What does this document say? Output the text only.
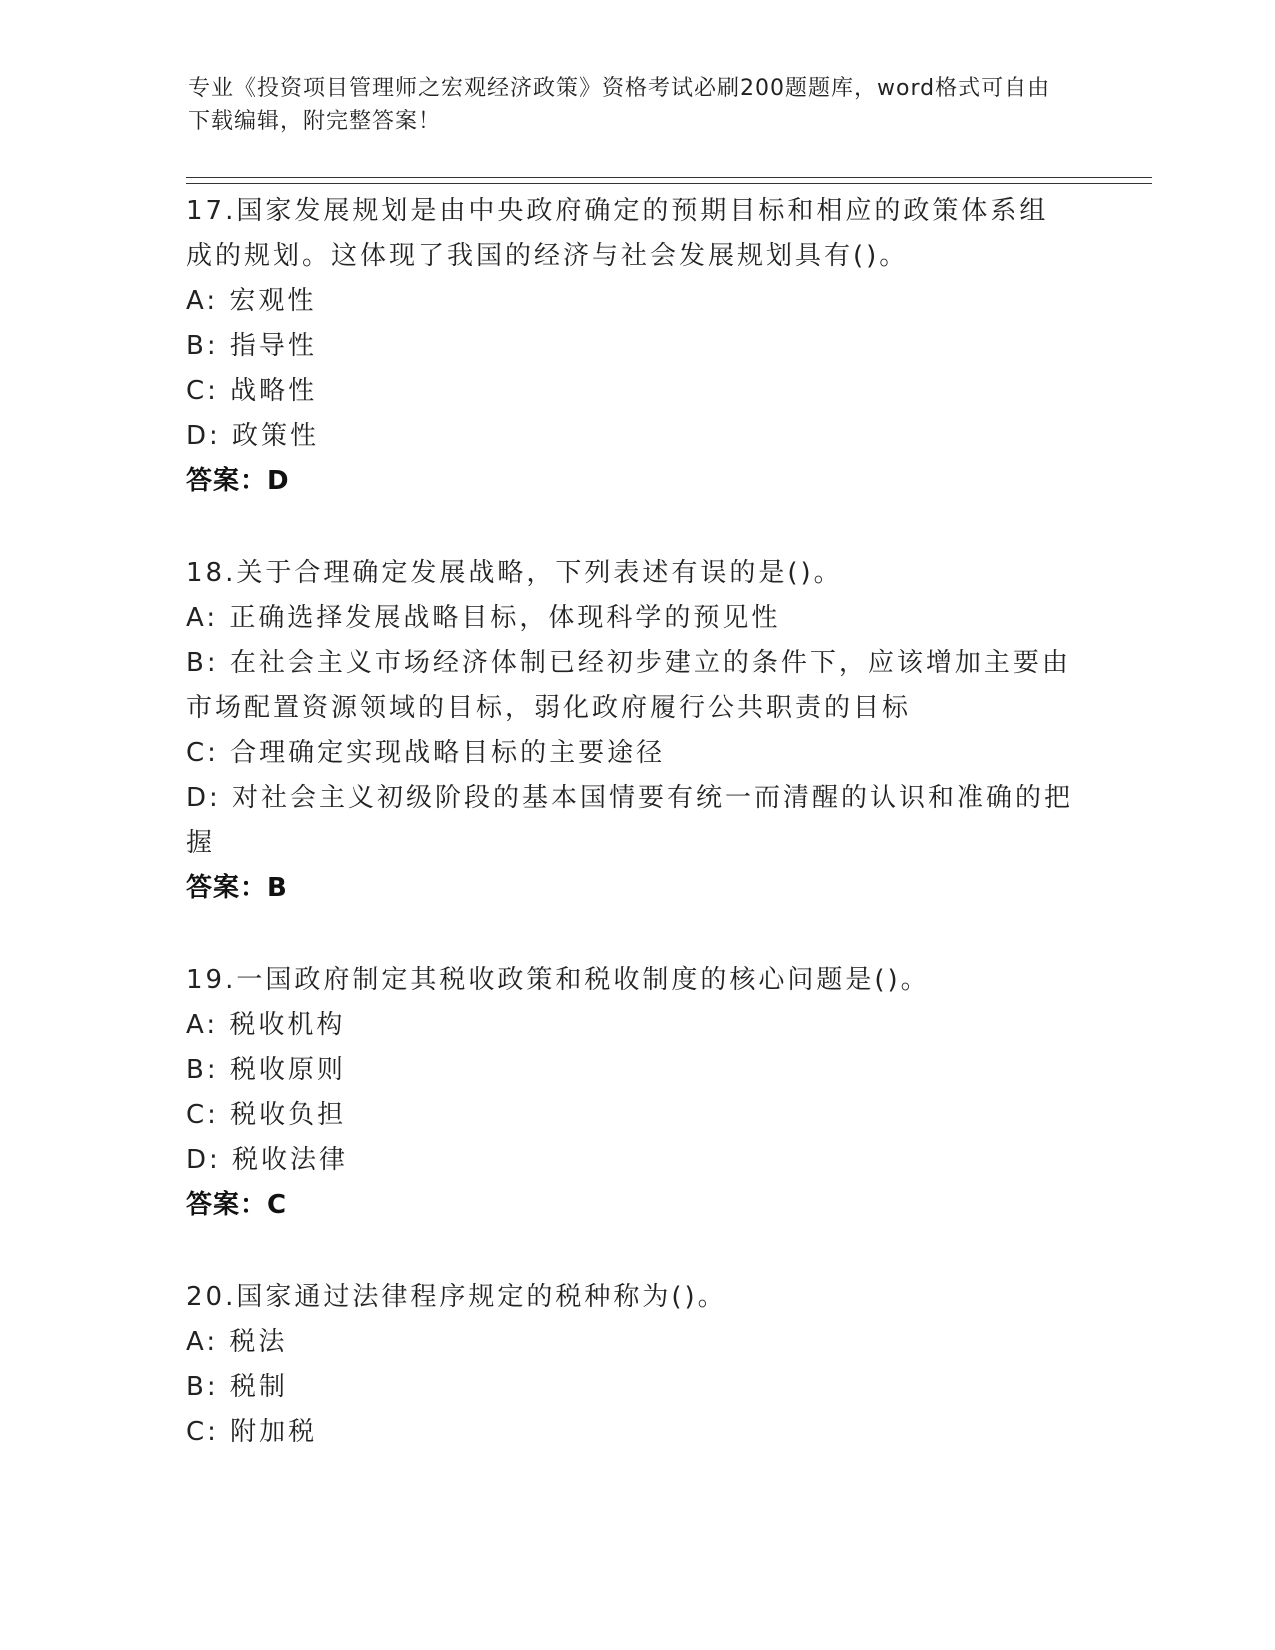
专业《投资项目管理师之宏观经济政策》资格考试必刷200题题库，word格式可自由下载编辑，附完整答案！
17.国家发展规划是由中央政府确定的预期目标和相应的政策体系组成的规划。这体现了我国的经济与社会发展规划具有()。
A: 宏观性
B: 指导性
C: 战略性
D: 政策性
答案：D
18.关于合理确定发展战略，下列表述有误的是()。
A: 正确选择发展战略目标，体现科学的预见性
B: 在社会主义市场经济体制已经初步建立的条件下，应该增加主要由市场配置资源领域的目标，弱化政府履行公共职责的目标
C: 合理确定实现战略目标的主要途径
D: 对社会主义初级阶段的基本国情要有统一而清醒的认识和准确的把握
答案：B
19.一国政府制定其税收政策和税收制度的核心问题是()。
A: 税收机构
B: 税收原则
C: 税收负担
D: 税收法律
答案：C
20.国家通过法律程序规定的税种称为()。
A: 税法
B: 税制
C: 附加税
